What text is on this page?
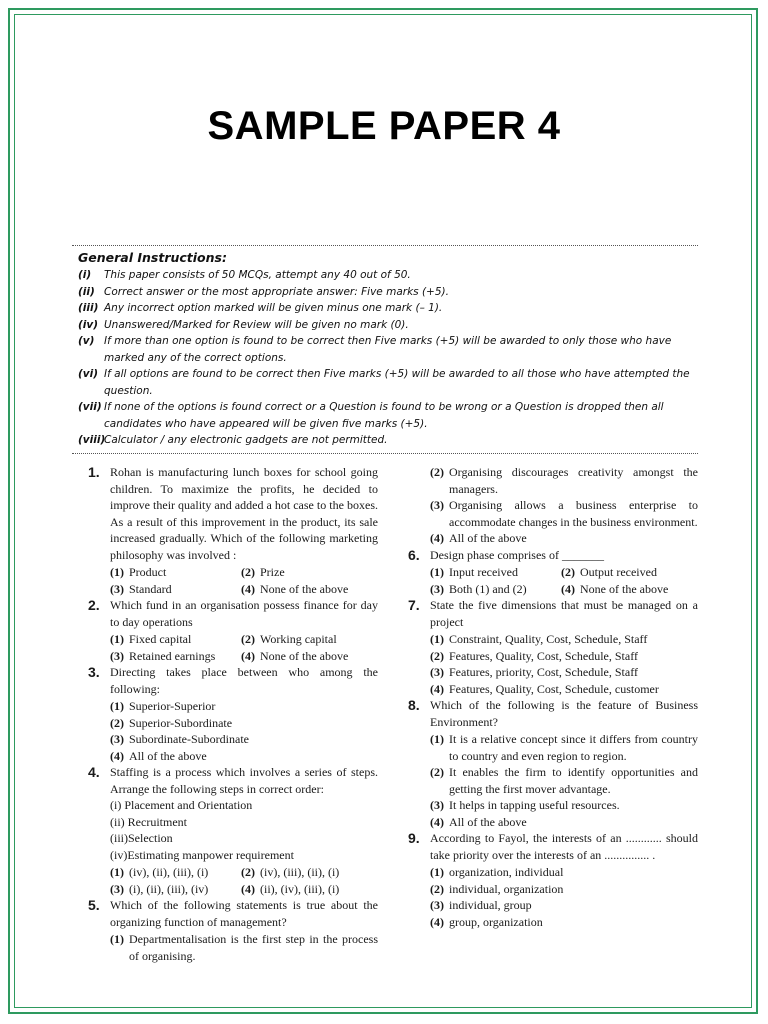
SAMPLE PAPER 4
General Instructions:
(i)	This paper consists of 50 MCQs, attempt any 40 out of 50.
(ii) Correct answer or the most appropriate answer: Five marks (+5).
(iii) Any incorrect option marked will be given minus one mark (– 1).
(iv) Unanswered/Marked for Review will be given no mark (0).
(v) If more than one option is found to be correct then Five marks (+5) will be awarded to only those who have marked any of the correct options.
(vi) If all options are found to be correct then Five marks (+5) will be awarded to all those who have attempted the question.
(vii) If none of the options is found correct or a Question is found to be wrong or a Question is dropped then all candidates who have appeared will be given five marks (+5).
(viii)
Calculator / any electronic gadgets are not permitted.
1. Rohan is manufacturing lunch boxes for school going children. To maximize the profits, he decided to improve their quality and added a hot case to the boxes. As a result of this improvement in the product, its sale increased gradually. Which of the following marketing philosophy was involved :
(1) Product	(2) Prize
(3) Standard	(4) None of the above
2. Which fund in an organisation possess finance for day to day operations
(1) Fixed capital	(2) Working capital
(3) Retained earnings	(4) None of the above
3. Directing takes place between who among the following:
(1) Superior-Superior
(2) Superior-Subordinate
(3) Subordinate-Subordinate
(4) All of the above
4. Staffing is a process which involves a series of steps. Arrange the following steps in correct order:
(i) Placement and Orientation
(ii) Recruitment
(iii)Selection
(iv)Estimating manpower requirement
(1) (iv), (ii), (iii), (i)	(2) (iv), (iii), (ii), (i)
(3) (i), (ii), (iii), (iv)	(4) (ii), (iv), (iii), (i)
5. Which of the following statements is true about the organizing function of management?
(1) Departmentalisation is the first step in the process of organising.
(2) Organising discourages creativity amongst the managers.
(3) Organising allows a business enterprise to accommodate changes in the business environment.
(4) All of the above
6. Design phase comprises of _______
(1) Input received	(2) Output received
(3) Both (1) and (2)	(4) None of the above
7. State the five dimensions that must be managed on a project
(1) Constraint, Quality, Cost, Schedule, Staff
(2) Features, Quality, Cost, Schedule, Staff
(3) Features, priority, Cost, Schedule, Staff
(4) Features, Quality, Cost, Schedule, customer
8. Which of the following is the feature of Business Environment?
(1) It is a relative concept since it differs from country to country and even region to region.
(2) It enables the firm to identify opportunities and getting the first mover advantage.
(3) It helps in tapping useful resources.
(4) All of the above
9. According to Fayol, the interests of an ............ should take priority over the interests of an ............... .
(1) organization, individual
(2) individual, organization
(3) individual, group
(4) group, organization
